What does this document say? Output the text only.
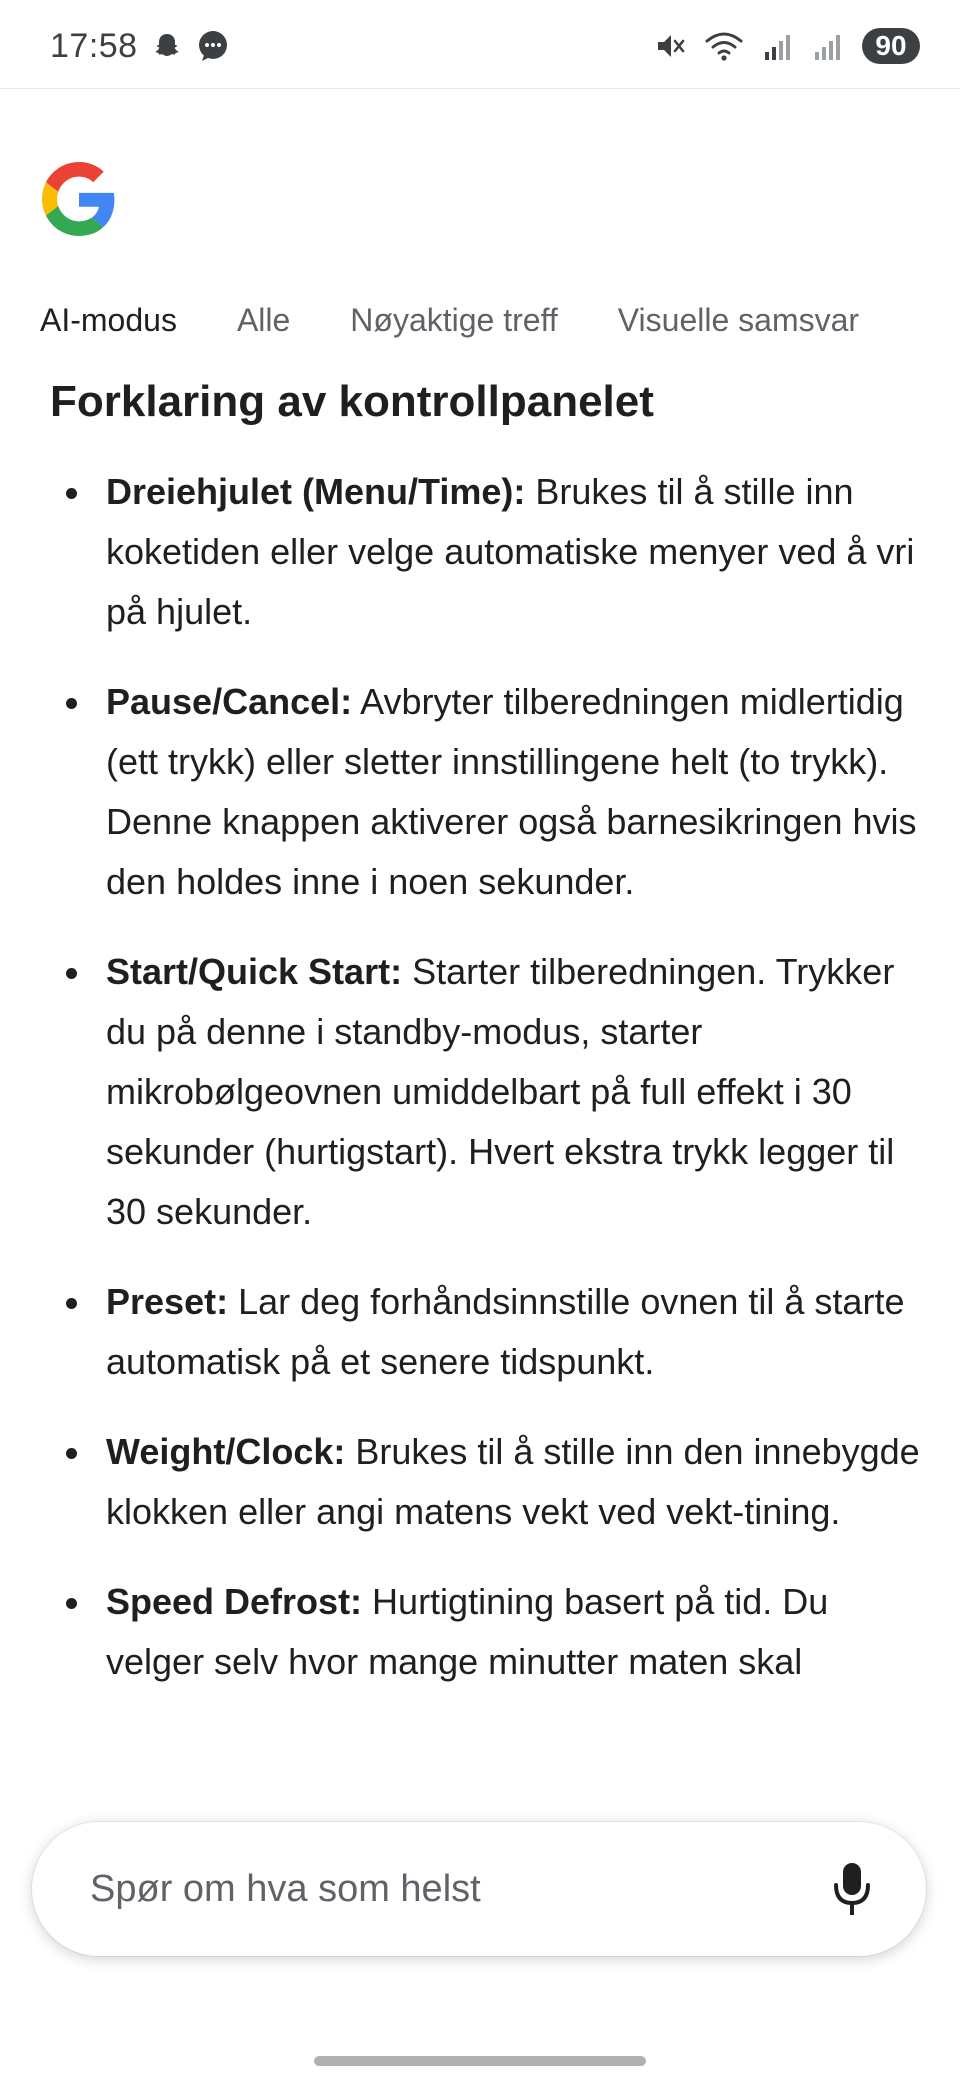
17:58	90
AI-modus Alle Nøyaktige treff Visuelle samsvar
Forklaring av kontrollpanelet
Dreiehjulet (Menu/Time): Brukes til å stille inn koketiden eller velge automatiske menyer ved å vri på hjulet.
Pause/Cancel: Avbryter tilberedningen midlertidig (ett trykk) eller sletter innstillingene helt (to trykk). Denne knappen aktiverer også barnesikringen hvis den holdes inne i noen sekunder.
Start/Quick Start: Starter tilberedningen. Trykker du på denne i standby-modus, starter mikrobølgeovnen umiddelbart på full effekt i 30 sekunder (hurtigstart). Hvert ekstra trykk legger til 30 sekunder.
Preset: Lar deg forhåndsinnstille ovnen til å starte automatisk på et senere tidspunkt.
Weight/Clock: Brukes til å stille inn den innebygde klokken eller angi matens vekt ved vekt-tining.
Speed Defrost: Hurtigtining basert på tid. Du velger selv hvor mange minutter maten skal
Spør om hva som helst
